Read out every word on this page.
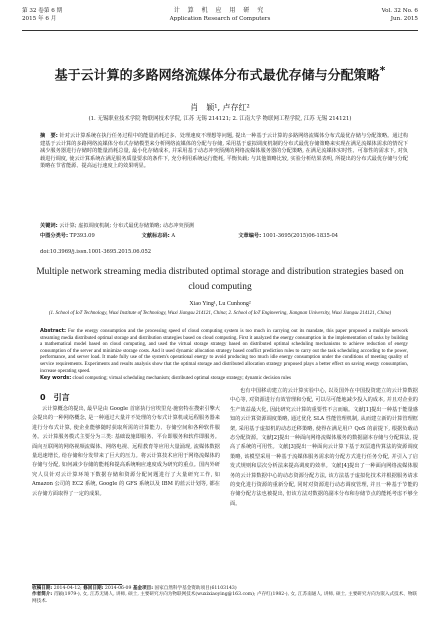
第 32 卷第 6 期
2015 年 6 月
计 算 机 应 用 研 究
Application Research of Computers
Vol. 32 No. 6
Jun. 2015
基于云计算的多路网络流媒体分布式最优存储与分配策略*
肖　颖¹, 卢存红²
(1. 无锡职业技术学院 物联网技术学院, 江苏 无锡 214121; 2. 江南大学 物联网工程学院, 江苏 无锡 214121)
摘　要: 针对云计算系统在执行任务过程中的能量消耗过多、处理速度不理想等问题, 提出一种基于云计算的多路网络流媒体分布式最优存储与分配策略。通过构建基于云计算的多路网络流媒体分布式存储模型来分析网络流媒体的分配与存储, 采用基于虚拟调度机制的分布式最优存储策略来实现在满足流媒体需求的情况下减少服务器进行存储时的能量消耗总量, 最小化存储成本, 并采用基于动态冲突预测的网络流媒体服务器的分配策略, 在满足流媒体实时性、可靠性的需求下, 对负载进行调度, 使云计算系统在满足服务质量要求的条件下, 充分利用系统运行能耗, 平衡负载; 与其他策略比较, 实验分析结果表明, 所提出的分布式最优存储与分配策略在节省能源、提高运行速度上的效果明显。
关键词: 云计算; 虚拟调度机制; 分布式最优存储策略; 动态冲突预测
中图分类号: TP393.09	文献标志码: A	文章编号: 1001-3695(2015)06-1835-04
doi:10.3969/j.issn.1001-3695.2015.06.052
Multiple network streaming media distributed optimal storage and distribution strategies based on cloud computing
Xiao Ying¹, Lu Cunhong²
(1. School of IoT Technology, Wuxi Institute of Technology, Wuxi Jiangsu 214121, China; 2. School of IoT Engineering, Jiangnan University, Wuxi Jiangsu 214121, China)
Abstract: For the energy consumption and the processing speed of cloud computing system is too much in carrying out its mandate, this paper proposed a multiple network streaming media distributed optimal storage and distribution strategies based on cloud computing. First it analyzed the energy consumption in the implementation of tasks by building a mathematical model based on cloud computing, and used the virtual storage strategy based on distributed optimal scheduling mechanisms to achieve reduction of energy consumption of the server and minimize storage costs. And it used dynamic allocation strategy based conflict prediction rules to carry out the task scheduling according to the power, performance, and server load. It made fully use of the system's operational energy to avoid producing too much idle energy consumption under the conditions of meeting quality of service requirements. Experiments and results analysis show that the optimal storage and distributed allocation strategy proposed plays a better effect on saving energy consumption, increase operating speed.
Key words: cloud computing; virtual scheduling mechanism; distributed optimal storage strategy; dynamic decision rules
0　引言

云计算概念的提出, 最早是由 Google 首席执行官埃里克·施密特在搜索引擎大会提出的一种网络概念, 是一种通过大量并不处理的分布式计算机或远程服务器来进行分布式计算, 使企业能够随时获取所需的计算能力、存储空间和各种软件服务。云计算服务模式主要分为三类: 基础设施即服务、平台即服务和软件即服务。面向互联网的网络视频流媒体、网络电视、远程教育等应用大量涌现, 流媒体数据量迅速增长, 给存储和分发带来了巨大的压力。将云计算技术应用于网络流媒体的存储与分配, 如何减少存储的能耗和提高系统响应速度成为研究的重点。国内外研究人员针对云计算环境下数据存储和资源分配问题进行了大量研究工作, 如 Amazon 公司的 EC2 系统, Google 的 GFS 系统以及 IBM 的蓝云计划等, 都在云存储方面取得了一定的成果。

也有中国移动建立的云计算实验中心, 以及国外在中国投资建立的云计算数据中心等, 对资源进行有效管理和分配, 可以尽可能地减少投入的成本, 并且对企业的生产效益最大化, 因此研究云计算的重要性不言而喻。文献[1]提出一种基于能量感知的云计算资源调度策略, 通过优化 SLA 性能管理机制, 从而建立新的计算管理框架, 采用基于虚拟机的动态迁移策略, 使得在满足用户 QoS 的前提下, 根据负载动态分配资源。文献[2]提出一种面向网络流媒体服务的数据副本存储与分配算法, 提高了系统的可用性。文献[3]提出一种面向云计算下基于双层遗传算法的资源调度策略, 该模型采用一种基于流媒体服务需求的分配方式进行任务分配, 并引入了启发式规则和层次分析法来提高调度的效率。文献[4]提出了一种面向网络流媒体服务的云计算数据中心的动态资源分配方法, 该方法基于虚拟化技术并根据服务请求的变化进行资源的重新分配, 同时对资源进行动态调度管理, 并且一种基于节能的存储分配方法也被提出, 但该方法对数据的副本分布和存储节点的能耗考虑不够全面。

收稿日期: 2014-04-12; 修回日期: 2014-06-09 基金项目: 国家自然科学基金资助项目(61103143)
作者简介: 肖颖(1979-), 女, 江苏无锡人, 讲师, 硕士, 主要研究方向为物联网技术(wuxixiaoying@163.com); 卢存红(1982-), 女, 江苏南通人, 讲师, 硕士, 主要研究方向为嵌入式技术、物联网技术.
